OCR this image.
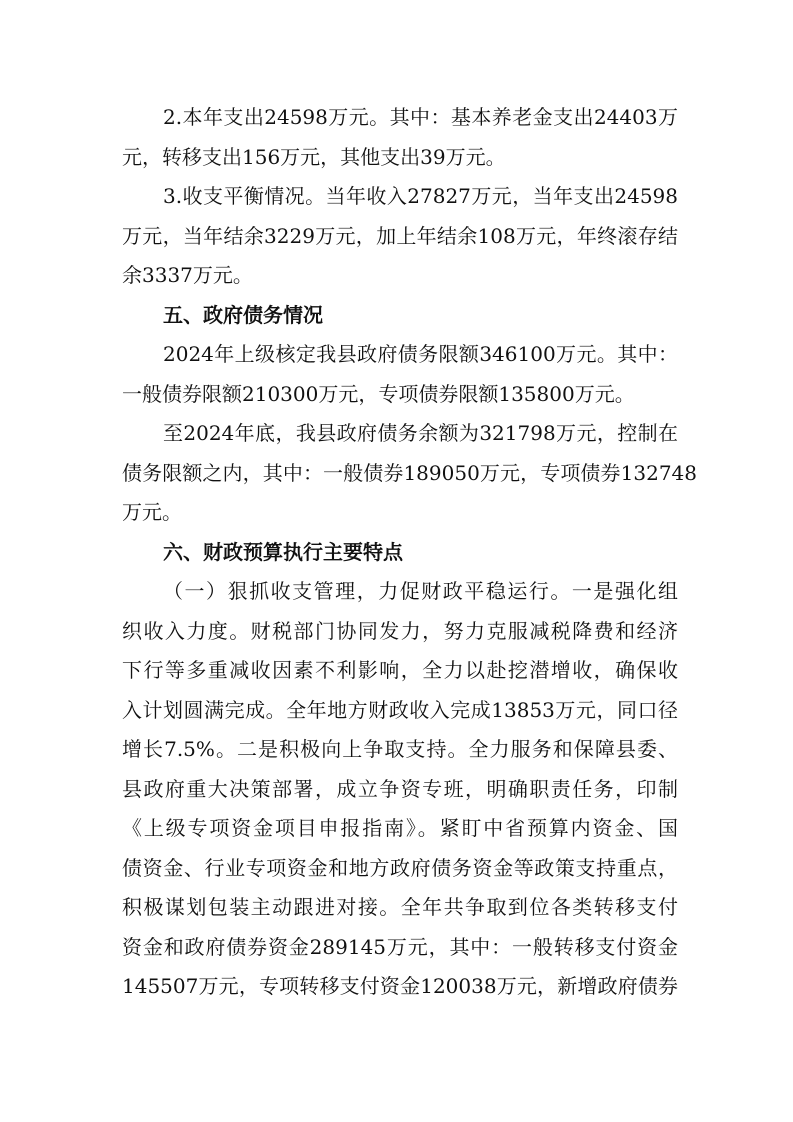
2.本年支出24598万元。其中：基本养老金支出24403万
元，转移支出156万元，其他支出39万元。
3.收支平衡情况。当年收入27827万元，当年支出24598
万元，当年结余3229万元，加上年结余108万元，年终滚存结
余3337万元。
五、政府债务情况
2024年上级核定我县政府债务限额346100万元。其中：
一般债券限额210300万元，专项债券限额135800万元。
至2024年底，我县政府债务余额为321798万元，控制在
债务限额之内，其中：一般债券189050万元，专项债券132748
万元。
六、财政预算执行主要特点
（一）狠抓收支管理，力促财政平稳运行。一是强化组
织收入力度。财税部门协同发力，努力克服减税降费和经济
下行等多重减收因素不利影响，全力以赴挖潜增收，确保收
入计划圆满完成。全年地方财政收入完成13853万元，同口径
增长7.5%。二是积极向上争取支持。全力服务和保障县委、
县政府重大决策部署，成立争资专班，明确职责任务，印制
《上级专项资金项目申报指南》。紧盯中省预算内资金、国
债资金、行业专项资金和地方政府债务资金等政策支持重点，
积极谋划包装主动跟进对接。全年共争取到位各类转移支付
资金和政府债券资金289145万元，其中：一般转移支付资金
145507万元，专项转移支付资金120038万元，新增政府债券
